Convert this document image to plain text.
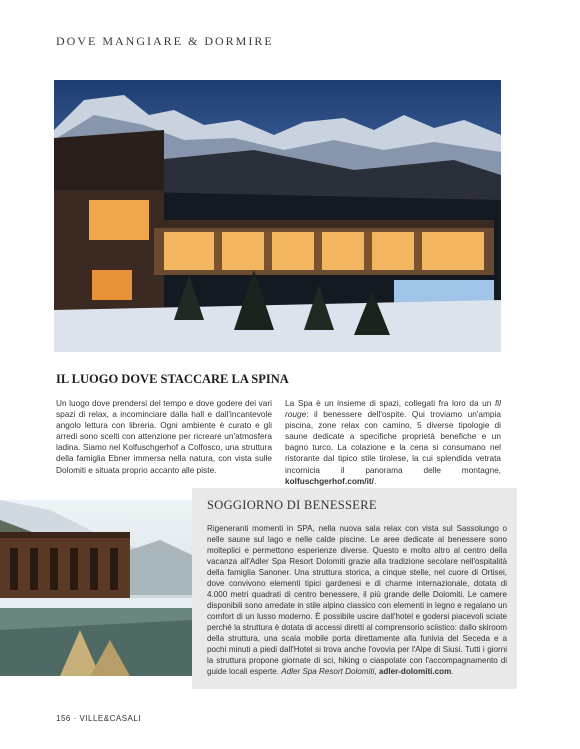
DOVE MANGIARE & DORMIRE
IL LUOGO DOVE STACCARE LA SPINA

Un luogo dove prendersi del tempo e dove godere dei vari spazi di relax, a incominciare dalla hall e dall'incantevole angolo lettura con libreria. Ogni ambiente è curato e gli arredi sono scelti con attenzione per ricreare un'atmosfera ladina. Siamo nel Kolfuschgerhof a Colfosco, una struttura della famiglia Ebner immersa nella natura, con vista sulle Dolomiti e situata proprio accanto alle piste.

La Spa è un insieme di spazi, collegati fra loro da un fil rouge: il benessere dell'ospite. Qui troviamo un'ampia piscina, zone relax con camino, 5 diverse tipologie di saune dedicate a specifiche proprietà benefiche e un bagno turco. La colazione e la cena si consumano nel ristorante dal tipico stile tirolese, la cui splendida vetrata incornicia il panorama delle montagne, kolfuschgerhof.com/it/.

SOGGIORNO DI BENESSERE

Rigeneranti momenti in SPA, nella nuova sala relax con vista sul Sassolungo o nelle saune sul lago e nelle calde piscine. Le aree dedicate al benessere sono molteplici e permettono esperienze diverse. Questo e molto altro al centro della vacanza all'Adler Spa Resort Dolomiti grazie alla tradizione secolare nell'ospitalità della famiglia Sanoner. Una struttura storica, a cinque stelle, nel cuore di Ortisei, dove convivono elementi tipici gardenesi e di charme internazionale, dotata di 4.000 metri quadrati di centro benessere, il più grande delle Dolomiti. Le camere disponibili sono arredate in stile alpino classico con elementi in legno e regalano un comfort di un lusso moderno. È possibile uscire dall'hotel e godersi piacevoli sciate perché la struttura è dotata di accessi diretti al comprensorio sciistico: dallo skiroom della struttura, una scala mobile porta direttamente alla funivia del Seceda e a pochi minuti a piedi dall'Hotel si trova anche l'ovovia per l'Alpe di Siusi. Tutti i giorni la struttura propone giornate di sci, hiking o ciaspolate con l'accompagnamento di guide locali esperte. Adler Spa Resort Dolomiti, adler-dolomiti.com.

156 · VILLE&CASALI
